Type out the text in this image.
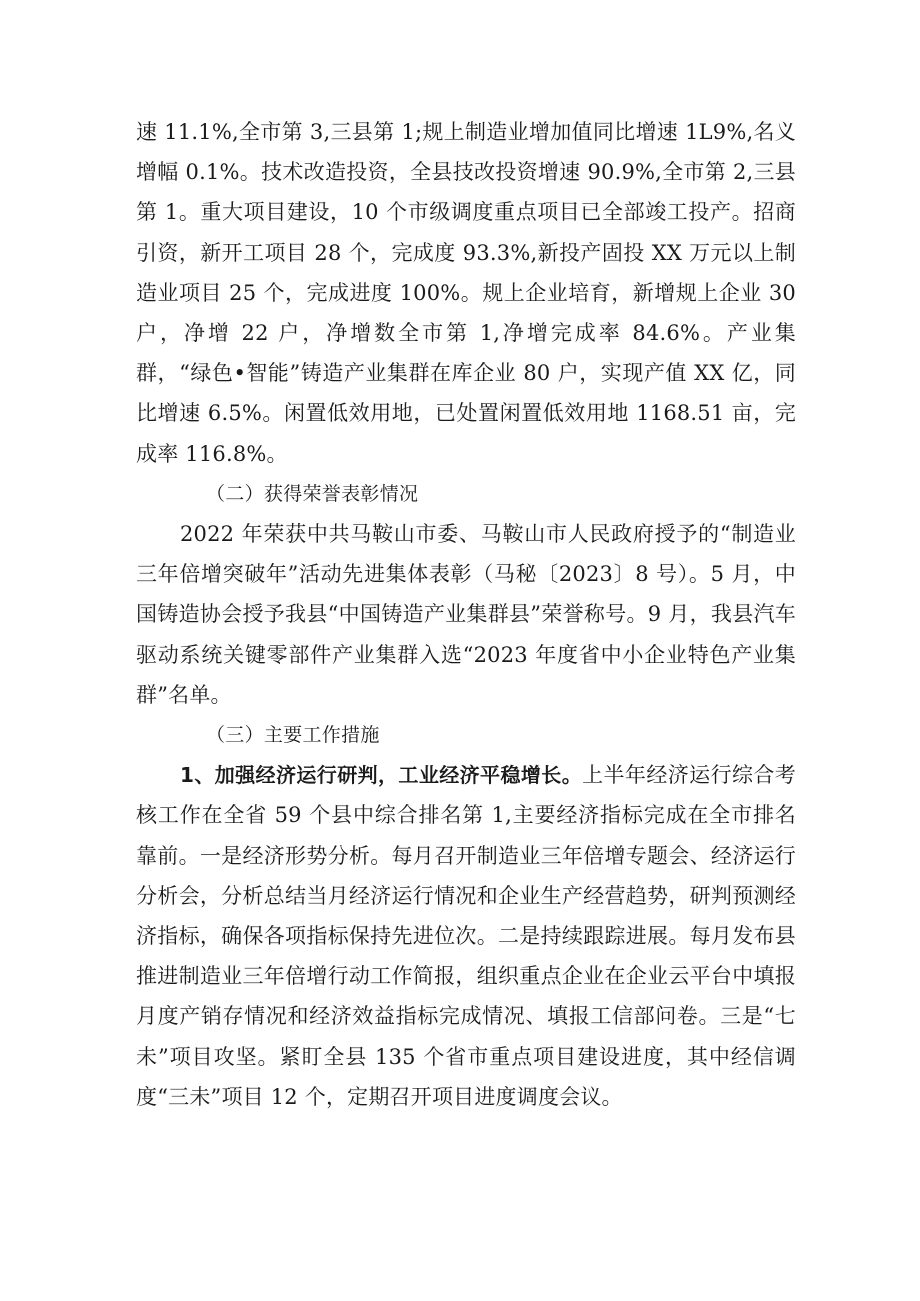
速 11.1%,全市第 3,三县第 1;规上制造业增加值同比增速 1L9%,名义增幅 0.1%。技术改造投资，全县技改投资增速 90.9%,全市第 2,三县第 1。重大项目建设，10 个市级调度重点项目已全部竣工投产。招商引资，新开工项目 28 个，完成度 93.3%,新投产固投 XX 万元以上制造业项目 25 个，完成进度 100%。规上企业培育，新增规上企业 30 户，净增 22 户，净增数全市第 1,净增完成率 84.6%。产业集群，“绿色•智能”铸造产业集群在库企业 80 户，实现产值 XX 亿，同比增速 6.5%。闲置低效用地，已处置闲置低效用地 1168.51 亩，完成率 116.8%。

（二）获得荣誉表彰情况

2022 年荣获中共马鞍山市委、马鞍山市人民政府授予的“制造业三年倍增突破年”活动先进集体表彰（马秘〔2023〕8 号）。5 月，中国铸造协会授予我县“中国铸造产业集群县”荣誉称号。9 月，我县汽车驱动系统关键零部件产业集群入选“2023 年度省中小企业特色产业集群”名单。

（三）主要工作措施

1、加强经济运行研判，工业经济平稳增长。上半年经济运行综合考核工作在全省 59 个县中综合排名第 1,主要经济指标完成在全市排名靠前。一是经济形势分析。每月召开制造业三年倍增专题会、经济运行分析会，分析总结当月经济运行情况和企业生产经营趋势，研判预测经济指标，确保各项指标保持先进位次。二是持续跟踪进展。每月发布县推进制造业三年倍增行动工作简报，组织重点企业在企业云平台中填报月度产销存情况和经济效益指标完成情况、填报工信部问卷。三是“七未”项目攻坚。紧盯全县 135 个省市重点项目建设进度，其中经信调度“三未”项目 12 个，定期召开项目进度调度会议。
